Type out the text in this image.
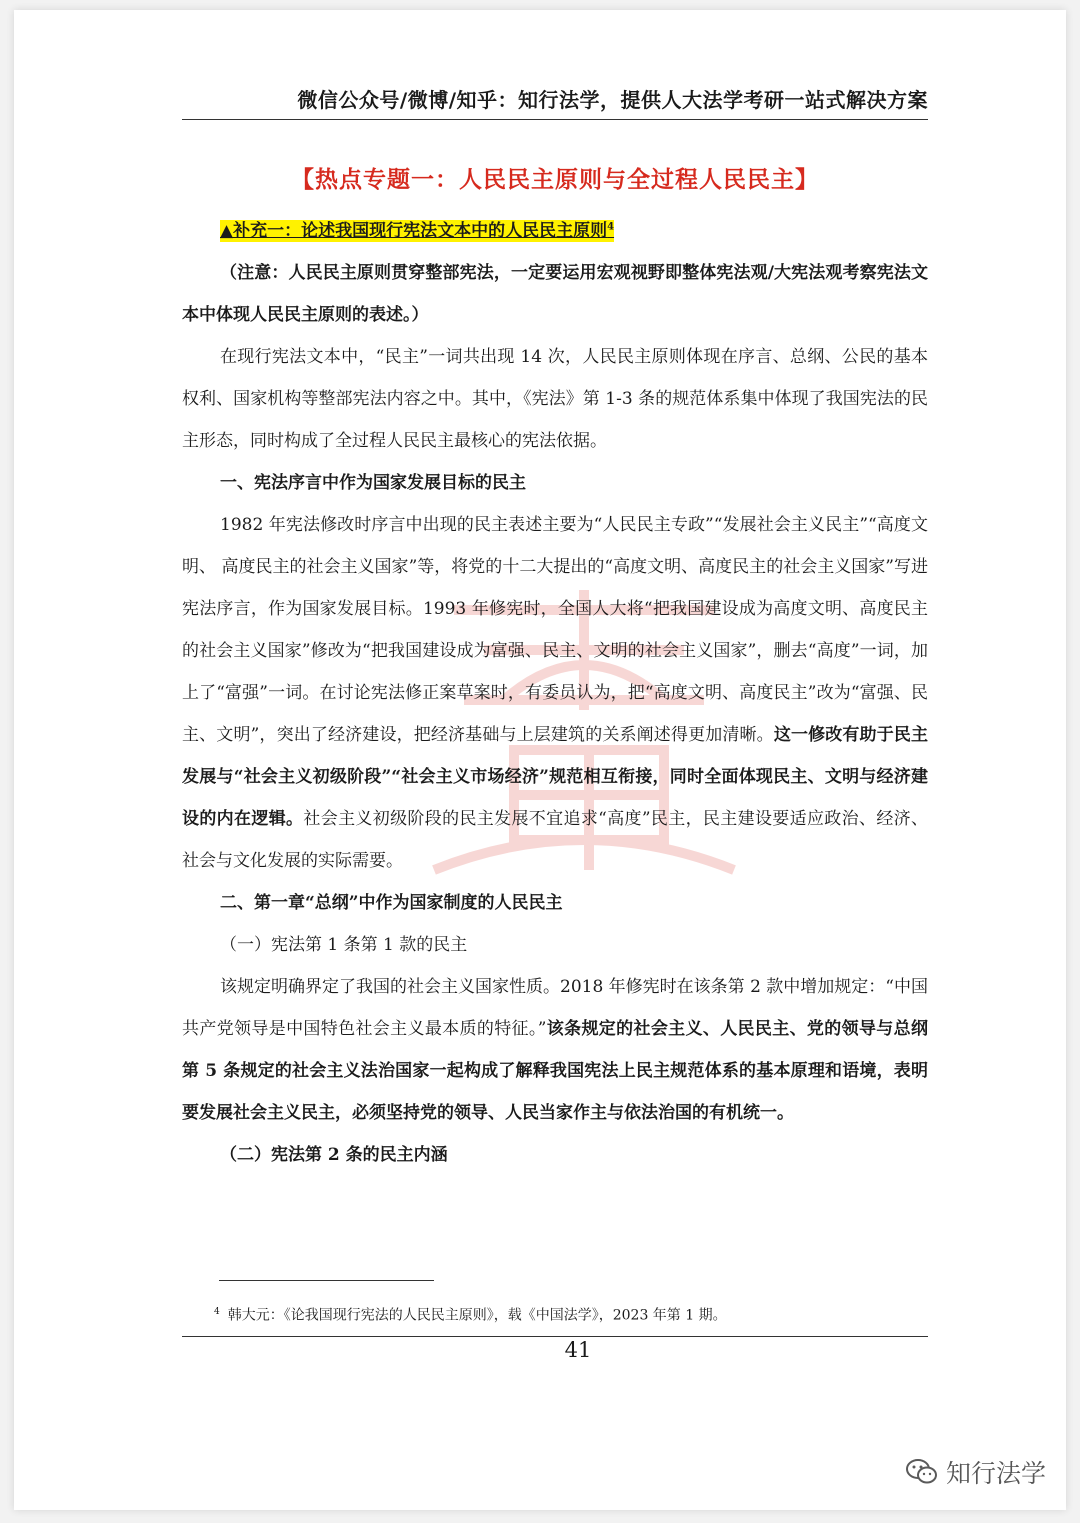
微信公众号/微博/知乎：知行法学，提供人大法学考研一站式解决方案
【热点专题一：人民民主原则与全过程人民民主】
▲补充一：论述我国现行宪法文本中的人民民主原则$^4$

（注意：人民民主原则贯穿整部宪法，一定要运用宏观视野即整体宪法观/大宪法观考察宪法文本中体现人民民主原则的表述。）

在现行宪法文本中，“民主”一词共出现 14 次，人民民主原则体现在序言、总纲、公民的基本权利、国家机构等整部宪法内容之中。其中，《宪法》第 1-3 条的规范体系集中体现了我国宪法的民主形态，同时构成了全过程人民民主最核心的宪法依据。

一、宪法序言中作为国家发展目标的民主

1982 年宪法修改时序言中出现的民主表述主要为“人民民主专政”“发展社会主义民主”“高度文明、 高度民主的社会主义国家”等，将党的十二大提出的“高度文明、高度民主的社会主义国家”写进宪法序言，作为国家发展目标。1993 年修宪时，全国人大将“把我国建设成为高度文明、高度民主的社会主义国家”修改为“把我国建设成为富强、民主、文明的社会主义国家”，删去“高度”一词，加上了“富强”一词。在讨论宪法修正案草案时，有委员认为，把“高度文明、高度民主”改为“富强、民主、文明”，突出了经济建设，把经济基础与上层建筑的关系阐述得更加清晰。这一修改有助于民主发展与“社会主义初级阶段”“社会主义市场经济”规范相互衔接，同时全面体现民主、文明与经济建设的内在逻辑。社会主义初级阶段的民主发展不宜追求“高度”民主，民主建设要适应政治、经济、社会与文化发展的实际需要。

二、第一章“总纲”中作为国家制度的人民民主
（一）宪法第 1 条第 1 款的民主

该规定明确界定了我国的社会主义国家性质。2018 年修宪时在该条第 2 款中增加规定：“中国共产党领导是中国特色社会主义最本质的特征。”该条规定的社会主义、人民民主、党的领导与总纲第 5 条规定的社会主义法治国家一起构成了解释我国宪法上民主规范体系的基本原理和语境，表明要发展社会主义民主，必须坚持党的领导、人民当家作主与依法治国的有机统一。

（二）宪法第 2 条的民主内涵
$^4$ 韩大元：《论我国现行宪法的人民民主原则》，载《中国法学》，2023 年第 1 期。
41
知行法学
